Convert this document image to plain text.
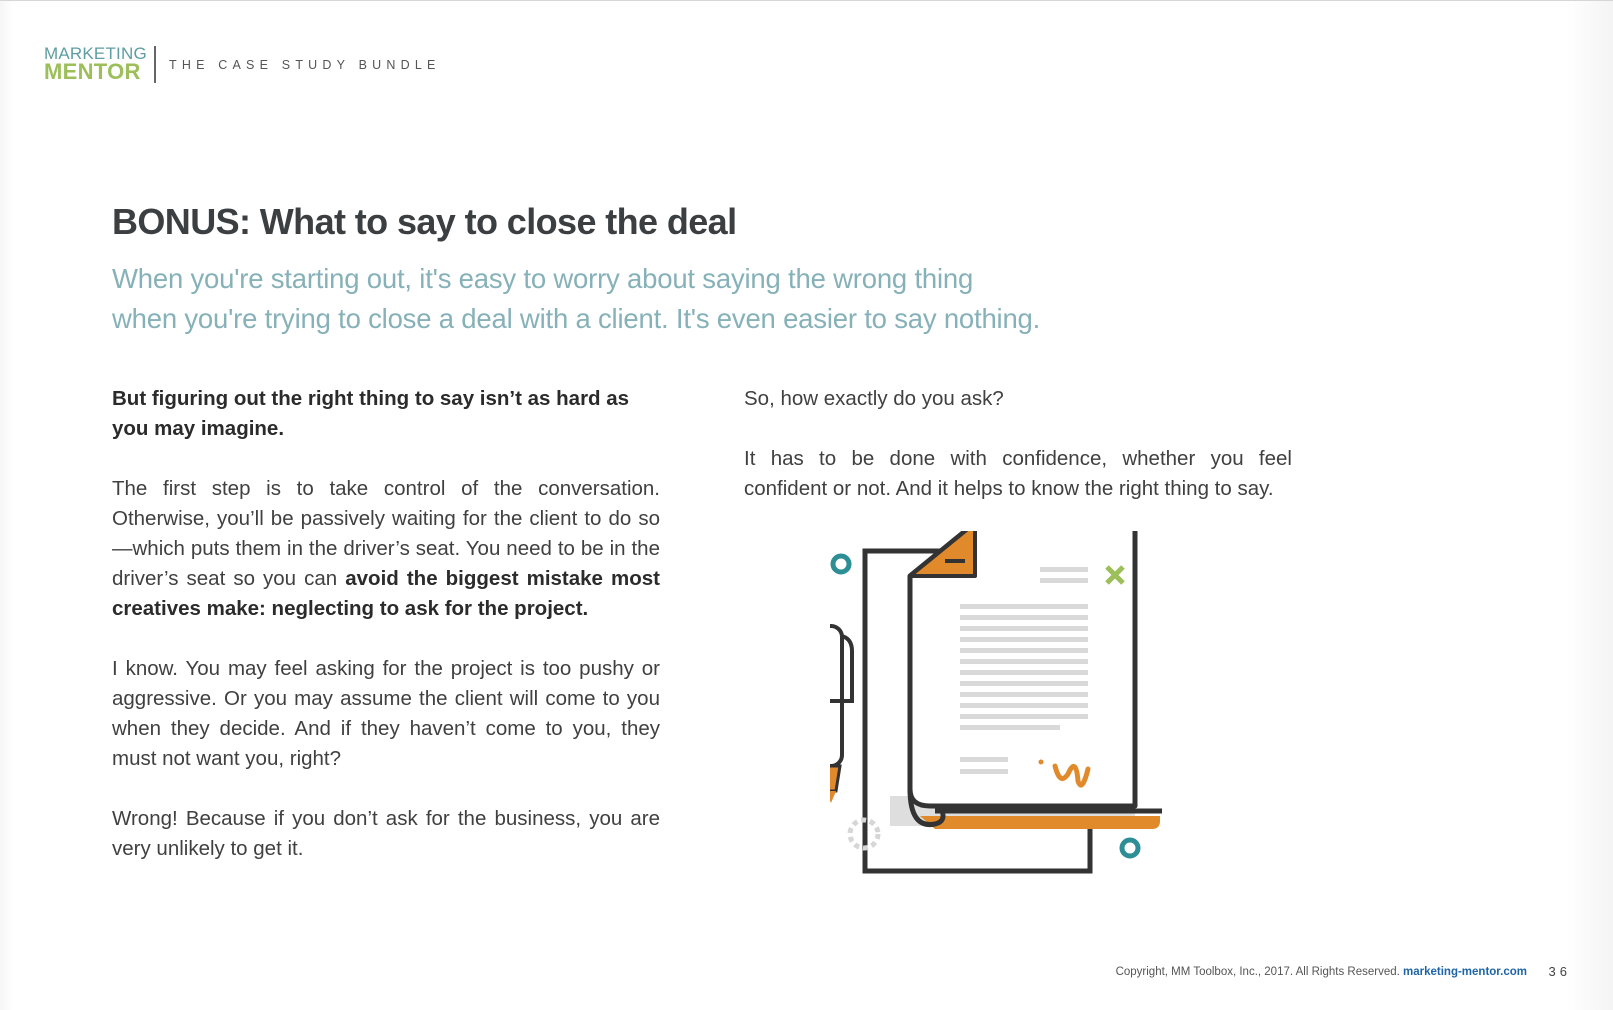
MARKETING
MENTOR	THE CASE STUDY BUNDLE
BONUS: What to say to close the deal

When you're starting out, it's easy to worry about saying the wrong thing
when you're trying to close a deal with a client. It's even easier to say nothing.

But figuring out the right thing to say isn’t as hard as you may imagine.

The first step is to take control of the conversation. Otherwise, you’ll be passively waiting for the client to do so—which puts them in the driver’s seat. You need to be in the driver’s seat so you can avoid the biggest mistake most creatives make: neglecting to ask for the project.

I know. You may feel asking for the project is too pushy or aggressive. Or you may assume the client will come to you when they decide. And if they haven’t come to you, they must not want you, right?

Wrong! Because if you don’t ask for the business, you are very unlikely to get it.

So, how exactly do you ask?

It has to be done with confidence, whether you feel confident or not. And it helps to know the right thing to say.

Copyright, MM Toolbox, Inc., 2017. All Rights Reserved. marketing-mentor.com 36
